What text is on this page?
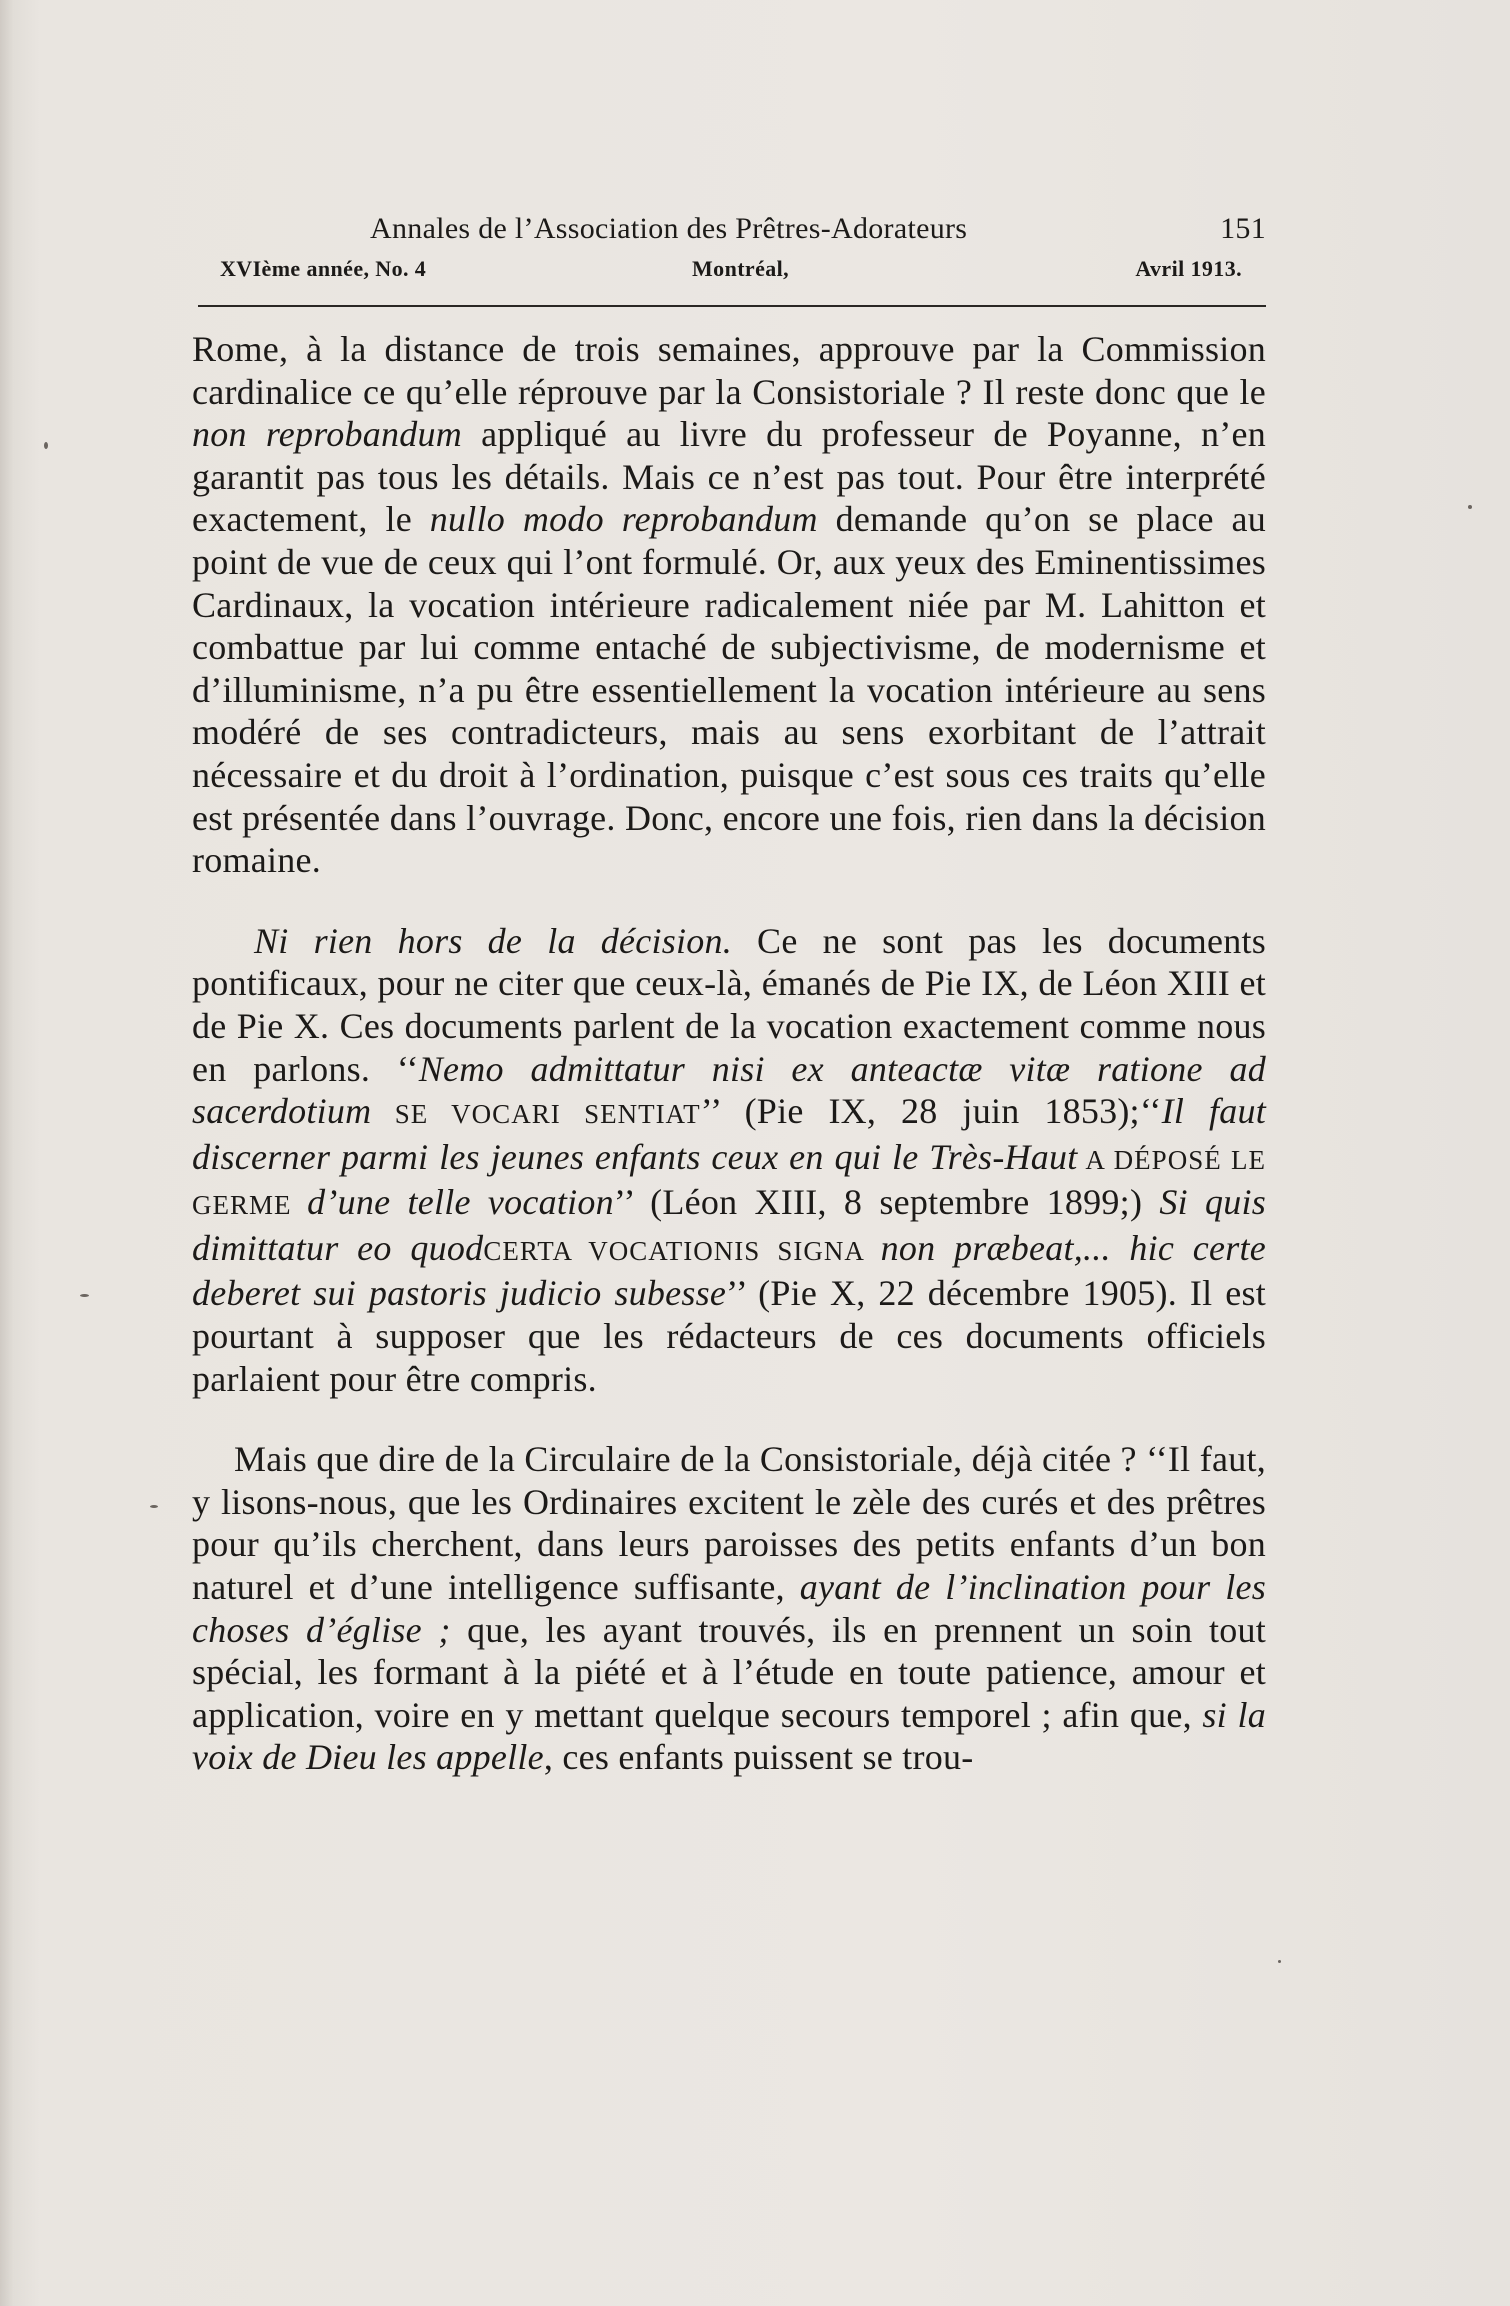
Annales de l’Association des Prêtres-Adorateurs	151
XVIème année, No. 4	Montréal,	Avril 1913.

Rome, à la distance de trois semaines, approuve par la Commission cardinalice ce qu’elle réprouve par la Consistoriale ? Il reste donc que le non reprobandum appliqué au livre du professeur de Poyanne, n’en garantit pas tous les détails. Mais ce n’est pas tout. Pour être interprété exactement, le nullo modo reprobandum demande qu’on se place au point de vue de ceux qui l’ont formulé. Or, aux yeux des Eminentissimes Cardinaux, la vocation intérieure radicalement niée par M. Lahitton et combattue par lui comme entaché de subjectivisme, de modernisme et d’illuminisme, n’a pu être essentiellement la vocation intérieure au sens modéré de ses contradicteurs, mais au sens exorbitant de l’attrait nécessaire et du droit à l’ordination, puisque c’est sous ces traits qu’elle est présentée dans l’ouvrage. Donc, encore une fois, rien dans la décision romaine.

Ni rien hors de la décision. Ce ne sont pas les documents pontificaux, pour ne citer que ceux-là, émanés de Pie IX, de Léon XIII et de Pie X. Ces documents parlent de la vocation exactement comme nous en parlons. ‘‘Nemo admittatur nisi ex anteactæ vitæ ratione ad sacerdotium SE VOCARI SENTIAT’’ (Pie IX, 28 juin 1853);‘‘Il faut discerner parmi les jeunes enfants ceux en qui le Très-Haut A DÉPOSÉ LE GERME d’une telle vocation’’ (Léon XIII, 8 septembre 1899;) Si quis dimittatur eo quodCERTA VOCATIONIS SIGNA non præbeat,... hic certe deberet sui pastoris judicio subesse’’ (Pie X, 22 décembre 1905). Il est pourtant à supposer que les rédacteurs de ces documents officiels parlaient pour être compris.

Mais que dire de la Circulaire de la Consistoriale, déjà citée ? ‘‘Il faut, y lisons-nous, que les Ordinaires excitent le zèle des curés et des prêtres pour qu’ils cherchent, dans leurs paroisses des petits enfants d’un bon naturel et d’une intelligence suffisante, ayant de l’inclination pour les choses d’église ; que, les ayant trouvés, ils en prennent un soin tout spécial, les formant à la piété et à l’étude en toute patience, amour et application, voire en y mettant quelque secours temporel ; afin que, si la voix de Dieu les appelle, ces enfants puissent se trou-
